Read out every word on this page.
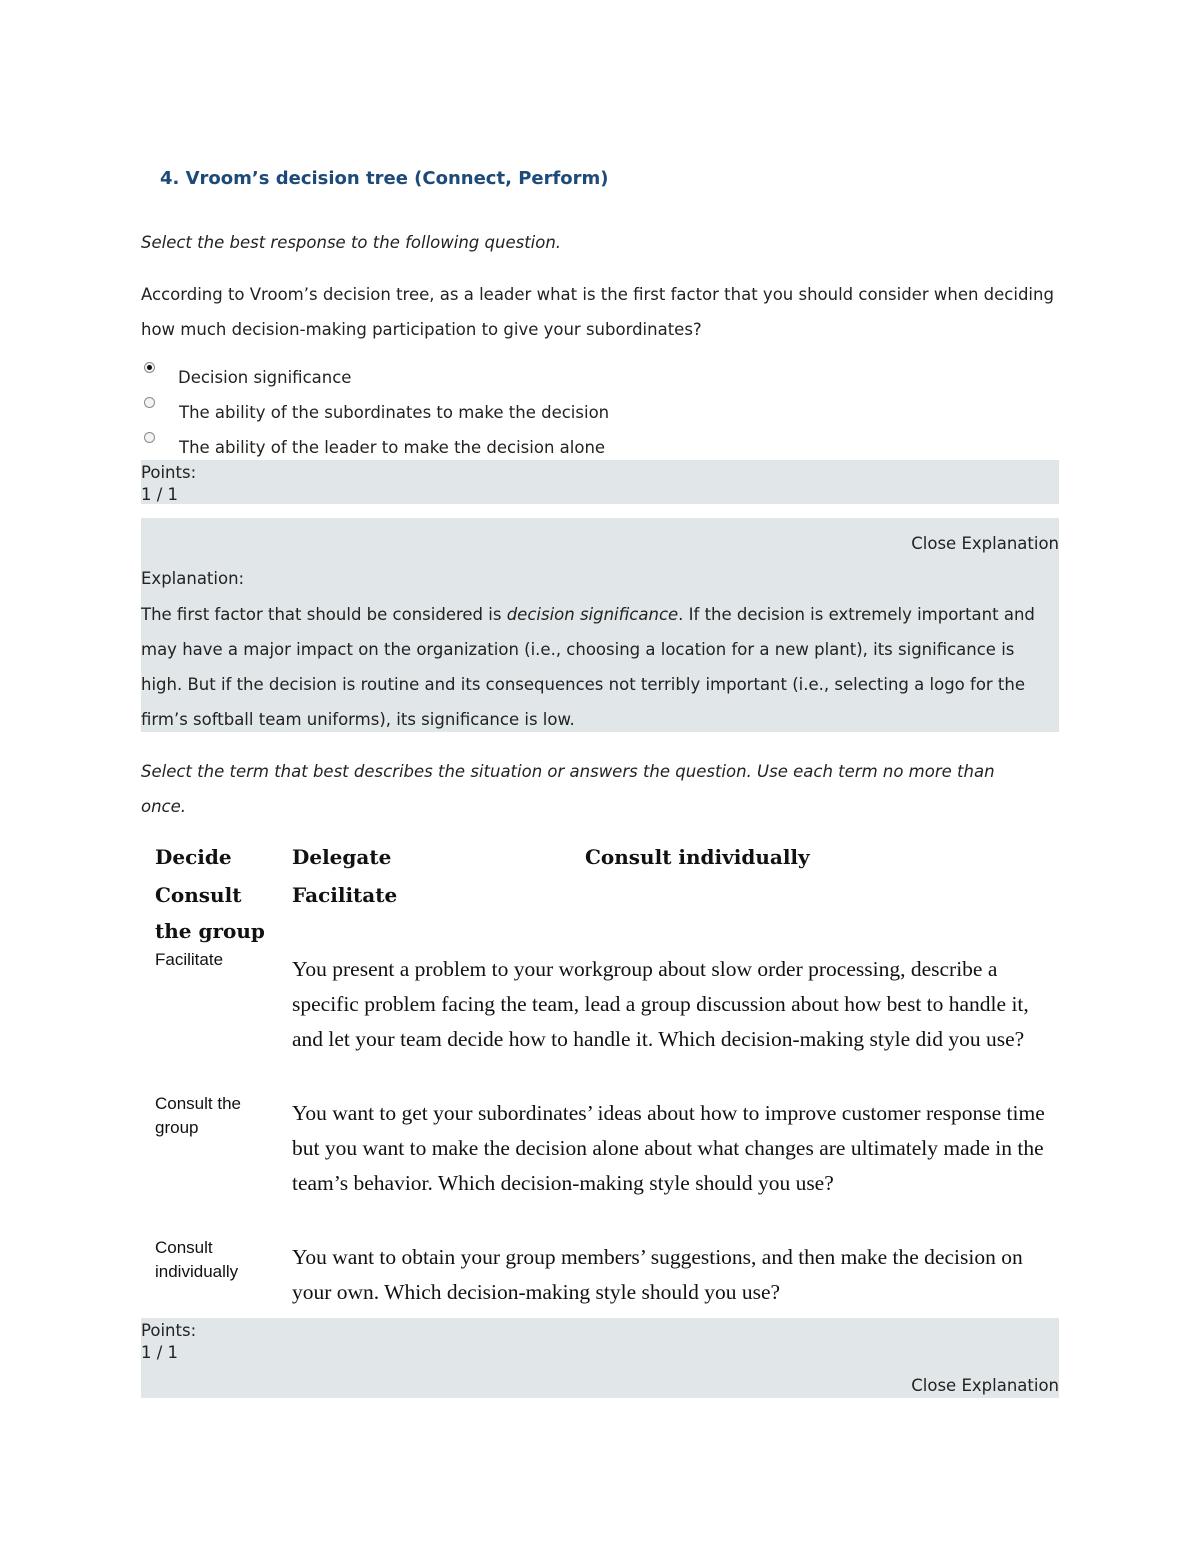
4. Vroom’s decision tree (Connect, Perform)
Select the best response to the following question.
According to Vroom’s decision tree, as a leader what is the first factor that you should consider when deciding how much decision-making participation to give your subordinates?
Decision significance
The ability of the subordinates to make the decision
The ability of the leader to make the decision alone
Points:
1 / 1
Close Explanation
Explanation:
The first factor that should be considered is decision significance. If the decision is extremely important and may have a major impact on the organization (i.e., choosing a location for a new plant), its significance is high. But if the decision is routine and its consequences not terribly important (i.e., selecting a logo for the firm’s softball team uniforms), its significance is low.
Select the term that best describes the situation or answers the question. Use each term no more than once.
Decide	Delegate	Consult individually
Consult	Facilitate
the group
Facilitate	You present a problem to your workgroup about slow order processing, describe a specific problem facing the team, lead a group discussion about how best to handle it, and let your team decide how to handle it. Which decision-making style did you use?
Consult the group
You want to get your subordinates’ ideas about how to improve customer response time but you want to make the decision alone about what changes are ultimately made in the team’s behavior. Which decision-making style should you use?
Consult individually
You want to obtain your group members’ suggestions, and then make the decision on your own. Which decision-making style should you use?
Points:
1 / 1
Close Explanation
